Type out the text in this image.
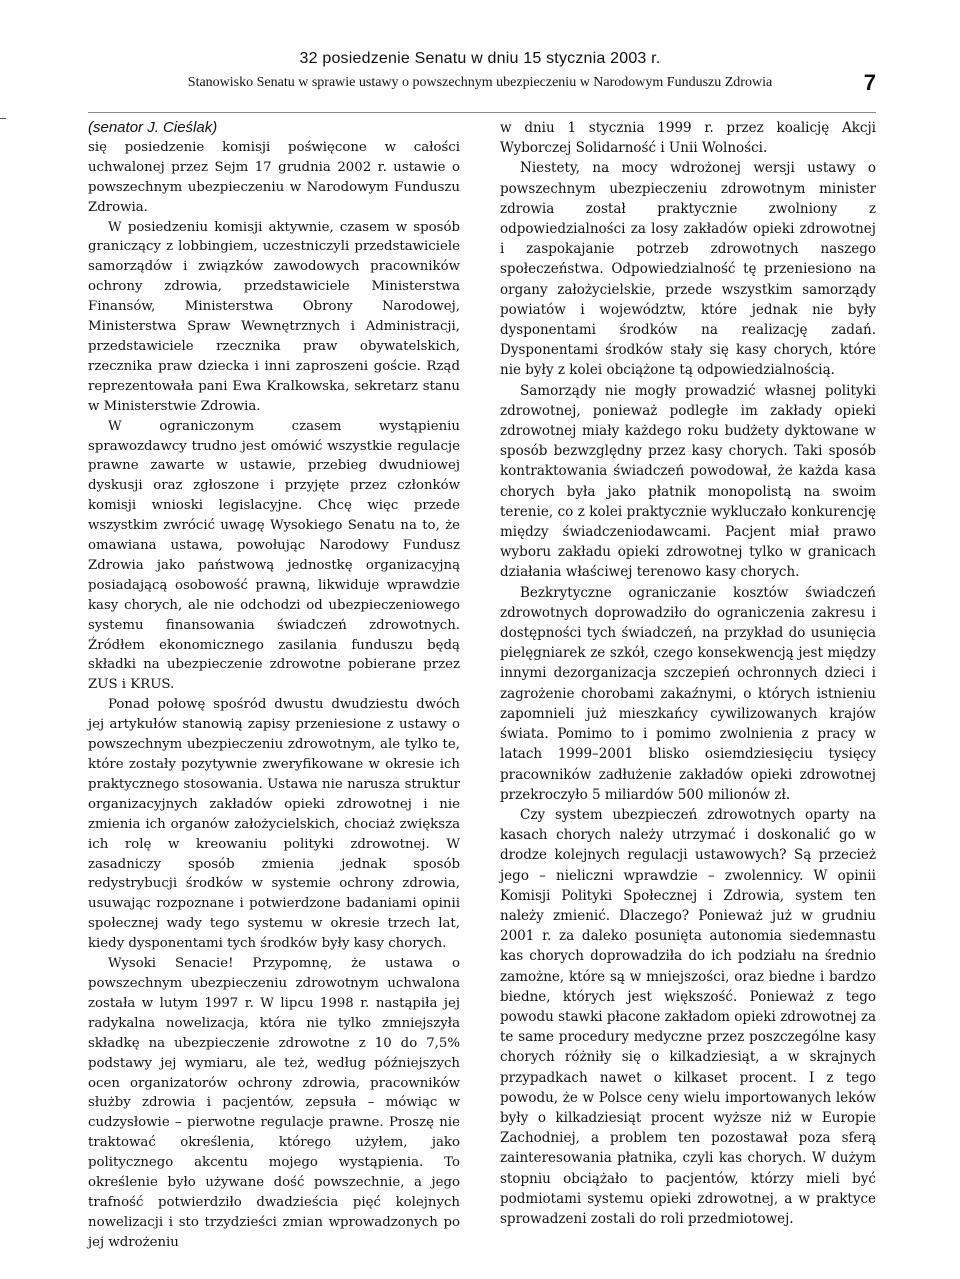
32 posiedzenie Senatu w dniu 15 stycznia 2003 r.
Stanowisko Senatu w sprawie ustawy o powszechnym ubezpieczeniu w Narodowym Funduszu Zdrowia	7

(senator J. Cieślak)

się posiedzenie komisji poświęcone w całości uchwalonej przez Sejm 17 grudnia 2002 r. ustawie o powszechnym ubezpieczeniu w Narodowym Funduszu Zdrowia.

W posiedzeniu komisji aktywnie, czasem w sposób graniczący z lobbingiem, uczestniczyli przedstawiciele samorządów i związków zawodowych pracowników ochrony zdrowia, przedstawiciele Ministerstwa Finansów, Ministerstwa Obrony Narodowej, Ministerstwa Spraw Wewnętrznych i Administracji, przedstawiciele rzecznika praw obywatelskich, rzecznika praw dziecka i inni zaproszeni goście. Rząd reprezentowała pani Ewa Kralkowska, sekretarz stanu w Ministerstwie Zdrowia.

W ograniczonym czasem wystąpieniu sprawozdawcy trudno jest omówić wszystkie regulacje prawne zawarte w ustawie, przebieg dwudniowej dyskusji oraz zgłoszone i przyjęte przez członków komisji wnioski legislacyjne. Chcę więc przede wszystkim zwrócić uwagę Wysokiego Senatu na to, że omawiana ustawa, powołując Narodowy Fundusz Zdrowia jako państwową jednostkę organizacyjną posiadającą osobowość prawną, likwiduje wprawdzie kasy chorych, ale nie odchodzi od ubezpieczeniowego systemu finansowania świadczeń zdrowotnych. Źródłem ekonomicznego zasilania funduszu będą składki na ubezpieczenie zdrowotne pobierane przez ZUS i KRUS.

Ponad połowę spośród dwustu dwudziestu dwóch jej artykułów stanowią zapisy przeniesione z ustawy o powszechnym ubezpieczeniu zdrowotnym, ale tylko te, które zostały pozytywnie zweryfikowane w okresie ich praktycznego stosowania. Ustawa nie narusza struktur organizacyjnych zakładów opieki zdrowotnej i nie zmienia ich organów założycielskich, chociaż zwiększa ich rolę w kreowaniu polityki zdrowotnej. W zasadniczy sposób zmienia jednak sposób redystrybucji środków w systemie ochrony zdrowia, usuwając rozpoznane i potwierdzone badaniami opinii społecznej wady tego systemu w okresie trzech lat, kiedy dysponentami tych środków były kasy chorych.

Wysoki Senacie! Przypomnę, że ustawa o powszechnym ubezpieczeniu zdrowotnym uchwalona została w lutym 1997 r. W lipcu 1998 r. nastąpiła jej radykalna nowelizacja, która nie tylko zmniejszyła składkę na ubezpieczenie zdrowotne z 10 do 7,5% podstawy jej wymiaru, ale też, według późniejszych ocen organizatorów ochrony zdrowia, pracowników służby zdrowia i pacjentów, zepsuła – mówiąc w cudzysłowie – pierwotne regulacje prawne. Proszę nie traktować określenia, którego użyłem, jako politycznego akcentu mojego wystąpienia. To określenie było używane dość powszechnie, a jego trafność potwierdziło dwadzieścia pięć kolejnych nowelizacji i sto trzydzieści zmian wprowadzonych po jej wdrożeniu

w dniu 1 stycznia 1999 r. przez koalicję Akcji Wyborczej Solidarność i Unii Wolności.

Niestety, na mocy wdrożonej wersji ustawy o powszechnym ubezpieczeniu zdrowotnym minister zdrowia został praktycznie zwolniony z odpowiedzialności za losy zakładów opieki zdrowotnej i zaspokajanie potrzeb zdrowotnych naszego społeczeństwa. Odpowiedzialność tę przeniesiono na organy założycielskie, przede wszystkim samorządy powiatów i województw, które jednak nie były dysponentami środków na realizację zadań. Dysponentami środków stały się kasy chorych, które nie były z kolei obciążone tą odpowiedzialnością.

Samorządy nie mogły prowadzić własnej polityki zdrowotnej, ponieważ podległe im zakłady opieki zdrowotnej miały każdego roku budżety dyktowane w sposób bezwzględny przez kasy chorych. Taki sposób kontraktowania świadczeń powodował, że każda kasa chorych była jako płatnik monopolistą na swoim terenie, co z kolei praktycznie wykluczało konkurencję między świadczeniodawcami. Pacjent miał prawo wyboru zakładu opieki zdrowotnej tylko w granicach działania właściwej terenowo kasy chorych.

Bezkrytyczne ograniczanie kosztów świadczeń zdrowotnych doprowadziło do ograniczenia zakresu i dostępności tych świadczeń, na przykład do usunięcia pielęgniarek ze szkół, czego konsekwencją jest między innymi dezorganizacja szczepień ochronnych dzieci i zagrożenie chorobami zakaźnymi, o których istnieniu zapomnieli już mieszkańcy cywilizowanych krajów świata. Pomimo to i pomimo zwolnienia z pracy w latach 1999–2001 blisko osiemdziesięciu tysięcy pracowników zadłużenie zakładów opieki zdrowotnej przekroczyło 5 miliardów 500 milionów zł.

Czy system ubezpieczeń zdrowotnych oparty na kasach chorych należy utrzymać i doskonalić go w drodze kolejnych regulacji ustawowych? Są przecież jego – nieliczni wprawdzie – zwolennicy. W opinii Komisji Polityki Społecznej i Zdrowia, system ten należy zmienić. Dlaczego? Ponieważ już w grudniu 2001 r. za daleko posunięta autonomia siedemnastu kas chorych doprowadziła do ich podziału na średnio zamożne, które są w mniejszości, oraz biedne i bardzo biedne, których jest większość. Ponieważ z tego powodu stawki płacone zakładom opieki zdrowotnej za te same procedury medyczne przez poszczególne kasy chorych różniły się o kilkadziesiąt, a w skrajnych przypadkach nawet o kilkaset procent. I z tego powodu, że w Polsce ceny wielu importowanych leków były o kilkadziesiąt procent wyższe niż w Europie Zachodniej, a problem ten pozostawał poza sferą zainteresowania płatnika, czyli kas chorych. W dużym stopniu obciążało to pacjentów, którzy mieli być podmiotami systemu opieki zdrowotnej, a w praktyce sprowadzeni zostali do roli przedmiotowej.
